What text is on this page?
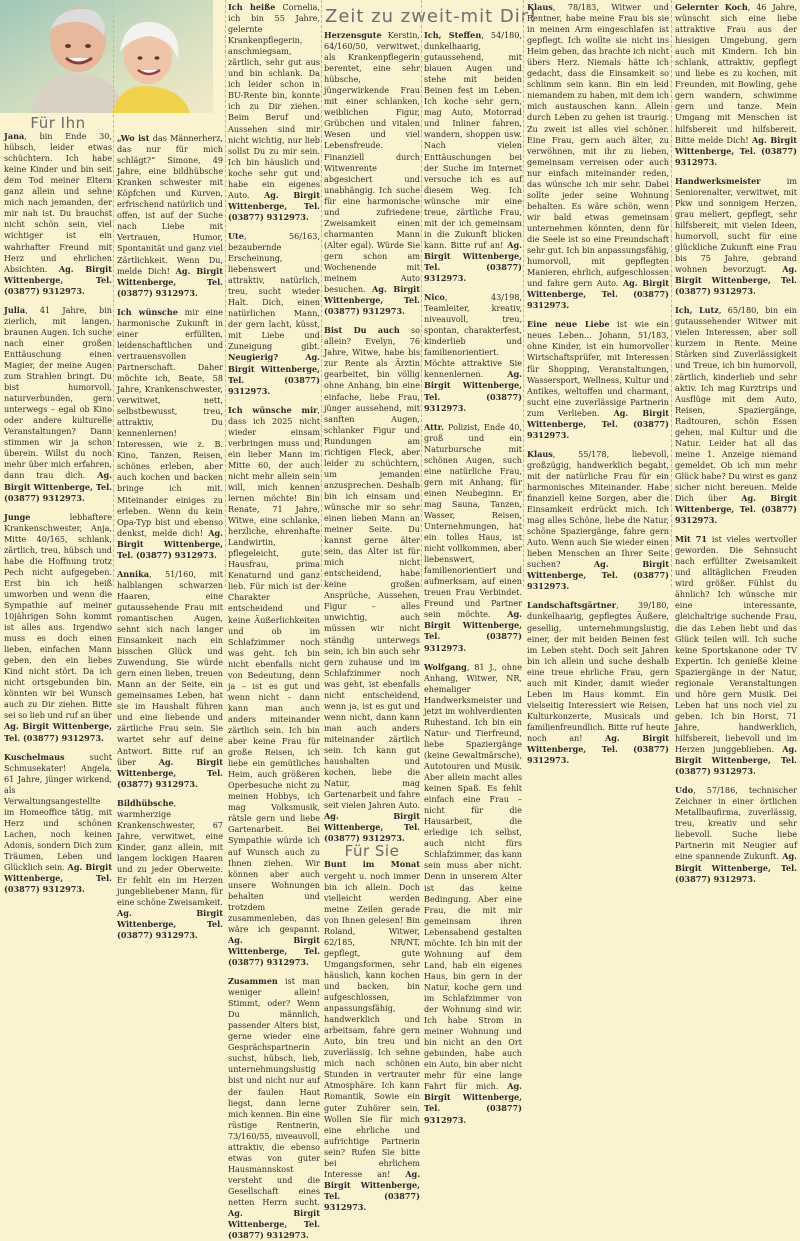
Zeit zu zweit-mit Dir!
Für Ihn

Jana, bin Ende 30, hübsch, leider etwas schüchtern. Ich habe keine Kinder und bin seit dem Tod meiner Eltern ganz allein und sehne mich nach jemanden, der mir nah ist. Du brauchst nicht schön sein, viel wichtiger ist ein wahrhafter Freund mit Herz und ehrlichen Absichten. Ag. Birgit Wittenberge, Tel. (03877) 9312973.

Julia, 41 Jahre, bin zierlich, mit langen, braunen Augen. Ich suche nach einer großen Enttäuschung einen Magier, der meine Augen zum Strahlen bringt. Du bist humorvoll, naturverbunden, gern unterwegs – egal ob Kino oder andere kulturelle Veranstaltungen? Dann stimmen wir ja schon überein. Willst du noch mehr über mich erfahren, dann trau dich. Ag. Birgit Wittenberge, Tel. (03877) 9312973.

Junge lebhaftere Krankenschwester, Anja, Mitte 40/165, schlank, zärtlich, treu, hübsch und habe die Hoffnung trotz Pech nicht aufgegeben. Erst bin ich heiß umworben und wenn die Sympathie auf meiner 10jährigen Sohn kommt ist alles aus. Irgendwo muss es doch einen lieben, einfachen Mann geben, den ein liebes Kind nicht stört. Da ich nicht ortsgebunden bin, könnten wir bei Wunsch auch zu Dir ziehen. Bitte sei so lieb und ruf an über Ag. Birgit Wittenberge, Tel. (03877) 9312973.

Kuschelmaus sucht Schmusekater! Angela, 61 Jahre, jünger wirkend, als Verwaltungsangestellte im Homeoffice tätig, mit Herz und schönen Lachen, noch keinen Adonis, sondern Dich zum Träumen, Leben und Glücklich sein. Ag. Birgit Wittenberge, Tel. (03877) 9312973.

„Wo ist das Männerherz, das nur für mich schlägt?“ Simone, 49 Jahre, eine bildhübsche Kranken schwester mit Köpfchen und Kurven, erfrischend natürlich und offen, ist auf der Suche nach Liebe mit Vertrauen, Humor, Spontanität und ganz viel Zärtlichkeit. Wenn Du, melde Dich! Ag. Birgit Wittenberge, Tel. (03877) 9312973.

Ich wünsche mir eine harmonische Zukunft in einer erfüllten, leidenschaftlichen und vertrauensvollen Partnerschaft. Daher möchte ich, Beate, 58 Jahre, Krankenschwester, verwitwet, nett, selbstbewusst, treu, attraktiv, Du kennenlernen! Interessen, wie z. B. Kino, Tanzen, Reisen, schönes erleben, aber auch kochen und backen bringe ich mit. Miteinander einiges zu erleben. Wenn du kein Opa-Typ bist und ebenso denkst, melde dich! Ag. Birgit Wittenberge, Tel. (03877) 9312973.

Annika, 51/160, mit halblangen schwarzen Haaren, eine gutaussehende Frau mit romantischen Augen, sehnt sich nach langer Einsamkeit nach ein bisschen Glück und Zuwendung. Sie würde gern einen lieben, treuen Mann an der Seite, ein gemeinsames Leben, hat sie im Haushalt führen und eine liebende und zärtliche Frau sein. Sie wartet sehr auf deine Antwort. Bitte ruf an über	Ag. Birgit Wittenberge, Tel. (03877) 9312973.

Bildhübsche, warmherzige Krankenschwester, 67 Jahre, verwitwet, eine Kinder, ganz allein, mit langem lockigen Haaren und zu jeder Oberweite. Er fehlt ein im Herzen jungebliebener Mann, für eine schöne Zweisamkeit. Ag. Birgit Wittenberge, Tel. (03877) 9312973.

Ich heiße Cornelia, ich bin 55 Jahre, gelernte Krankenpflegerin, anschmiegsam, zärtlich, sehr gut aus und bin schlank. Da ich leider schon in BU-Rente bin, konnte ich zu Dir ziehen. Beim Beruf und Aussehen sind mir nicht wichtig, nur lieb sollst Du zu mir sein. Ich bin häuslich und koche sehr gut und habe ein eigenes Auto. Ag. Birgit Wittenberge, Tel. (03877) 9312973.

Ute, 56/163, bezaubernde Erscheinung, liebenswert und attraktiv, natürlich, treu, sucht wieder Halt. Dich, einen natürlichen Mann, der gern lacht, küsst, mit Liebe und Zuneigung gibt. Neugierig? Ag. Birgit Wittenberge, Tel. (03877) 9312973.

Ich wünsche mir, dass ich 2025 nicht wieder einsam verbringen muss und ein lieber Mann im Mitte 60, der auch nicht mehr allein sein will, mich kennen lernen möchte! Bin Renate, 71 Jahre, Witwe, eine schlanke, herzliche, ehrenhafte Landwirtin, pflegeleicht, gute Hausfrau, prima Kenaturnd und ganz lieb. Für mich ist der Charakter entscheidend und keine Äußerlichkeiten und ob im Schlafzimmer noch was geht. Ich bin nicht ebenfalls nicht von Bedeutung, denn ja – ist es gut und wenn nicht – dann kann man auch anders miteinander zärtlich sein. Ich bin aber keine Frau für große Reisen, ich liebe ein gemütliches Heim, auch größeren Operbesuche nicht zu meinen Hobbys, ich mag Volksmusik, rätsle gern und liebe Gartenarbeit. Bei Sympathie würde ich auf Wunsch auch zu Ihnen ziehen. Wir können aber auch unsere Wohnungen behalten und trotzdem zusammenleben, das wäre ich gespannt. Ag. Birgit Wittenberge, Tel. (03877) 9312973.

Zusammen ist man weniger allein! Stimmt, oder? Wenn Du männlich, passender Alters bist, gerne wieder eine Gesprächspartnerin suchst, hübsch, lieb, unternehmungslustig bist und nicht nur auf der faulen Haut liegst, dann lerne mich kennen. Bin eine rüstige Rentnerin, 73/160/55, niveauvoll, attraktiv, die ebenso etwas von guter Hausmannskost versteht und die Gesellschaft eines netten Herrn sucht. Ag. Birgit Wittenberge, Tel. (03877) 9312973.

Herzensgute Kerstin, 64/160/50, verwitwet, als Krankenpflegerin berentet, eine sehr hübsche, jüngerwirkende Frau mit einer schlanken, weiblichen Figur, Grübchen und vitalen Wesen und viel Lebensfreude. Finanziell durch Witwenrente abgesichert und unabhängig. Ich suche für eine harmonische und zufriedene Zweisamkeit einen charmanten Mann (Alter egal). Würde Sie gern schon am Wochenende mit meinem Auto besuchen. Ag. Birgit Wittenberge, Tel. (03877) 9312973.

Bist Du auch so allein? Evelyn, 76 Jahre, Witwe, habe bis zur Rente als Ärztin gearbeitet, bin völlig ohne Anhang, bin eine einfache, liebe Frau, jünger aussehend, mit sanften Augen, schlanker Figur und Rundungen am richtigen Fleck, aber leider zu schüchtern, um jemanden anzusprechen. Deshalb bin ich einsam und wünsche mir so sehr einen lieben Mann an meiner Seite. Du kannst gerne älter sein, das Alter ist für mich nicht entscheidend, habe keine großen Ansprüche, Aussehen, Figur – alles unwichtig, auch müssen wir nicht ständig unterwegs sein, ich bin auch sehr gern zuhause und im Schlafzimmer noch was geht, ist ebenfalls nicht entscheidend, wenn ja, ist es gut und wenn nicht, dann kann man auch anders miteinander zärtlich sein. Ich kann gut haushalten und kochen, liebe die Natur, mag Gartenarbeit und fahre seit vielen Jahren Auto. Ag. Birgit Wittenberge, Tel. (03877) 9312973.

Für Sie

Bunt im Monat vergeht u. noch immer bin ich allein. Doch vielleicht werden meine Zeilen gerade von Ihnen gelesen! Bin Roland, Witwer, 62/185, NR/NT, gepflegt, gute Umgangsformen, sehr häuslich, kann kochen und backen, bin aufgeschlossen, anpassungsfähig, handwerklich und arbeitsam, fahre gern Auto, bin treu und zuverlässig. Ich sehne mich nach schönen Stunden in vertrauter Atmosphäre. Ich kann Romantik, Sowie ein guter Zuhörer sein. Wollen Sie für mich eine ehrliche und aufrichtige Partnerin sein? Rufen Sie bitte bei ehrlichem Interesse an! Ag. Birgit Wittenberge, Tel. (03877) 9312973.

Ich, Steffen, 54/180, dunkelhaarig, gutaussehend, mit blauen Augen und stehe mit beiden Beinen fest im Leben. Ich koche sehr gern, mag Auto, Motorrad und Inliner fahren, wandern, shoppen usw. Nach vielen Enttäuschungen bei der Suche im Internet versuche ich es auf diesem Weg. Ich wünsche mir eine treue, zärtliche Frau, mit der ich gemeinsam in die Zukunft blicken kann. Bitte ruf an! Ag. Birgit Wittenberge, Tel. (03877) 9312973.

Nico, 43/198, Teamleiter, kreativ, niveauvoll, treu, spontan, charakterfest, kinderlieb und familienorientiert. Möchte attraktive Sie kennenlernen.	Ag. Birgit Wittenberge, Tel. (03877) 9312973.

Attr. Polizist, Ende 40, groß und ein Naturbursche mit schönen Augen, such eine natürliche Frau, gern mit Anhang, für einen Neubeginn. Er mag Sauna, Tanzen, Wasser, Reisen, Unternehmungen, hat ein tolles Haus, ist nicht vollkommen, aber liebenswert, familienorientiert und aufmerksam, auf einen treuen Frau Verbindet. Freund und Partner sein möchte. Ag. Birgit Wittenberge, Tel. (03877) 9312973.

Wolfgang, 81 J., ohne Anhang, Witwer, NR, ehemaliger Handwerksmeister und jetzt im wohlverdienten Ruhestand. Ich bin ein Natur- und Tierfreund, liebe Spaziergänge (keine Gewaltmärsche), Autotouren und Musik. Aber allein macht alles keinen Spaß. Es fehlt einfach eine Frau – nicht für die Hausarbeit, die erledige ich selbst, auch nicht fürs Schlafzimmer, das kann sein muss aber nicht. Denn in unserem Alter ist das keine Bedingung. Aber eine Frau, die mit mir gemeinsam ihren Lebensabend gestalten möchte. Ich bin mit der Wohnung auf dem Land, hab ein eigenes Haus, bin gern in der Natur, koche gern und im Schlafzimmer von der Wohnung sind wir. Ich habe Strom in meiner Wohnung und bin nicht an den Ort gebunden, habe auch ein Auto, bin aber nicht mehr für eine lange Fahrt für mich. Ag. Birgit Wittenberge, Tel. (03877) 9312973.

Klaus, 78/183, Witwer und Rentner, habe meine Frau bis sie in meinen Arm eingeschlafen ist gepflegt. Ich wollte sie nicht ins Heim geben, das brachte ich nicht übers Herz. Niemals hätte ich gedacht, dass die Einsamkeit so schlimm sein kann. Bin ein leid niemandem zu haben, mit dem ich mich austauschen kann. Allein durch Leben zu gehen ist traurig. Zu zweit ist alles viel schöner. Eine Frau, gern auch älter, zu verwöhnen, mit ihr zu lieben, gemeinsam verreisen oder auch nur einfach miteinander reden, das wünsche ich mir sehr. Dabei sollte jeder seine Wohnung behalten. Es wäre schön, wenn wir bald etwas gemeinsam unternehmen könnten, denn für die Seele ist so eine Freundschaft sehr gut. Ich bin anpassungsfähig, humorvoll, mit gepflegten Manieren, ehrlich, aufgeschlossen und fahre gern Auto. Ag. Birgit Wittenberge, Tel. (03877) 9312973.

Eine neue Liebe ist wie ein neues Leben... Johann, 51/183, ohne Kinder, ist ein humorvoller Wirtschaftsprüfer, mit Interessen für Shopping, Veranstaltungen, Wassersport, Wellness, Kultur und Antikes, weltoffen und charmant, sucht eine zuverlässige Partnerin zum Verlieben. Ag. Birgit Wittenberge, Tel. (03877) 9312973.

Klaus, 55/178, liebevoll, großzügig, handwerklich begabt, mit der natürliche Frau für ein harmonisches Miteinander. Habe finanziell keine Sorgen, aber die Einsamkeit erdrückt mich. Ich mag alles Schöne, liebe die Natur, schöne Spaziergänge, fahre gern Auto. Wenn auch Sie wieder einen lieben Menschen an Ihrer Seite suchen?	Ag. Birgit Wittenberge, Tel. (03877) 9312973.

Landschaftsgärtner, 39/180, dunkelhaarig, gepflegtes Äußere, gesellig, unternehmungslustig, einer, der mit beiden Beinen fest im Leben steht. Doch seit Jahren bin ich allein und suche deshalb eine treue ehrliche Frau, gern auch mit Kinder, damit wieder Leben im Haus kommt. Ein vielseitig Interessiert wie Reisen, Kulturkonzerte, Musicals und familienfreundlich. Bitte ruf heute noch an!	Ag. Birgit Wittenberge, Tel. (03877) 9312973.

Gelernter Koch, 46 Jahre, wünscht sich eine liebe attraktive Frau aus der hiesigen Umgebung, gern auch mit Kindern. Ich bin schlank, attraktiv, gepflegt und liebe es zu kochen, mit Freunden, mit Bowling, gehe gern wandern, schwimme gern und tanze. Mein Umgang mit Menschen ist hilfsbereit und hilfsbereit. Bitte melde Dich! Ag. Birgit Wittenberge, Tel. (03877) 9312973.

Handwerksmeister im Seniorenalter, verwitwet, mit Pkw und sonnigem Herzen, grau meliert, gepflegt, sehr hilfsbereit, mit vielen Ideen, humorvoll, sucht für eine glückliche Zukunft eine Frau bis 75 Jahre, gebrand wohnen bevorzugt. Ag. Birgit Wittenberge, Tel. (03877) 9312973.

Ich, Lutz, 65/180, bin ein gutaussehender Witwer mit vielen Interessen, aber soll kurzem in Rente. Meine Stärken sind Zuverlässigkeit und Treue, ich bin humorvoll, zärtlich, kinderlieb und sehr aktiv. Ich mag Kurztrips und Ausflüge mit dem Auto, Reisen, Spaziergänge, Radtouren, schön Essen gehen, mal Kultur und die Natur. Leider hat all das meine 1. Anzeige niemand gemeldet. Ob ich nun mehr Glück habe? Du wirst es ganz sicher nicht bereuen. Melde Dich über Ag. Birgit Wittenberge, Tel. (03877) 9312973.

Mit 71 ist vieles wertvoller geworden. Die Sehnsucht nach erfüllter Zweisamkeit und alltäglichen Freuden wird größer. Fühlst du ähnlich? Ich wünsche mir eine interessante, gleichaltrige suchende Frau, die das Leben liebt und das Glück teilen will. Ich suche keine Sportskanone oder TV Expertin. Ich genieße kleine Spaziergänge in der Natur, regionale Veranstaltungen und höre gern Musik. Dei Leben hat uns noch viel zu geben. Ich bin Horst, 71 Jahre, handwerklich, hilfsbereit, liebevoll und im Herzen junggeblieben. Ag. Birgit Wittenberge, Tel. (03877) 9312973.

Udo, 57/186, technischer Zeichner in einer örtlichen Metallbaufirma, zuverlässig, treu, kreativ und sehr liebevoll. Suche liebe Partnerin mit Neugier auf eine spannende Zukunft. Ag. Birgit Wittenberge, Tel. (03877) 9312973.
